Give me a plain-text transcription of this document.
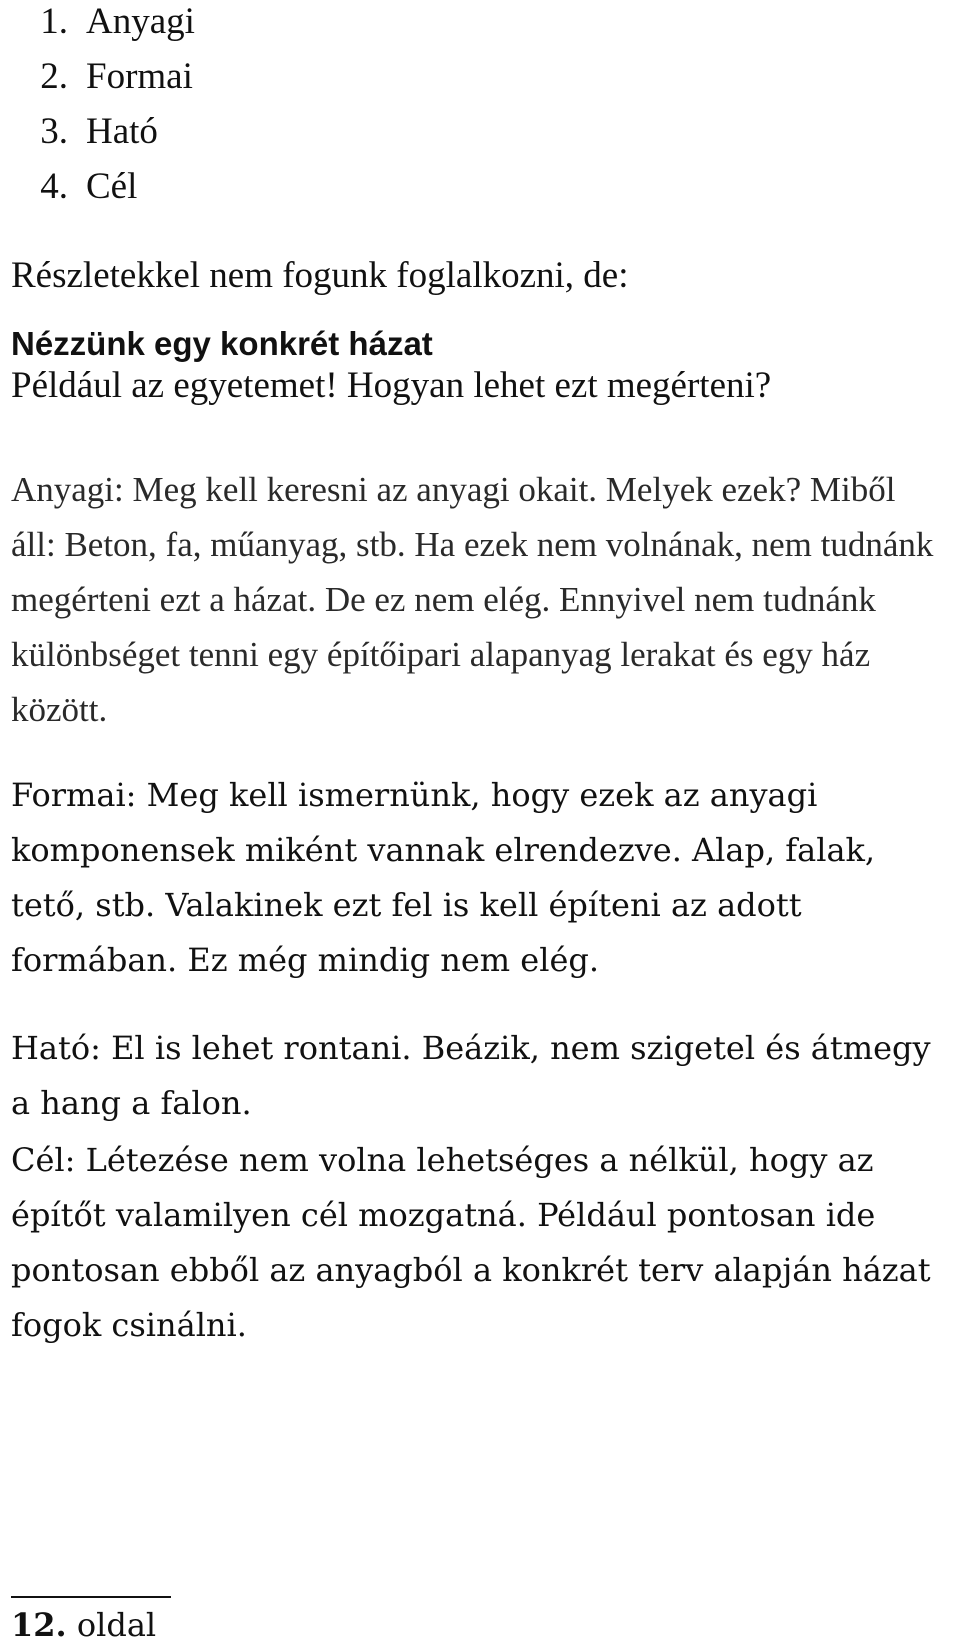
1. Anyagi
2. Formai
3. Ható
4. Cél
Részletekkel nem fogunk foglalkozni, de:
Nézzünk egy konkrét házat
Például az egyetemet! Hogyan lehet ezt megérteni?

Anyagi: Meg kell keresni az anyagi okait. Melyek ezek? Miből áll: Beton, fa, műanyag, stb. Ha ezek nem volnának, nem tudnánk megérteni ezt a házat. De ez nem elég. Ennyivel nem tudnánk különbséget tenni egy építőipari alapanyag lerakat és egy ház között.

Formai: Meg kell ismernünk, hogy ezek az anyagi komponensek miként vannak elrendezve. Alap, falak, tető, stb. Valakinek ezt fel is kell építeni az adott formában. Ez még mindig nem elég.

Ható: El is lehet rontani. Beázik, nem szigetel és átmegy a hang a falon.

Cél: Létezése nem volna lehetséges a nélkül, hogy az építőt valamilyen cél mozgatná. Például pontosan ide pontosan ebből az anyagból a konkrét terv alapján házat fogok csinálni.

12. oldal
